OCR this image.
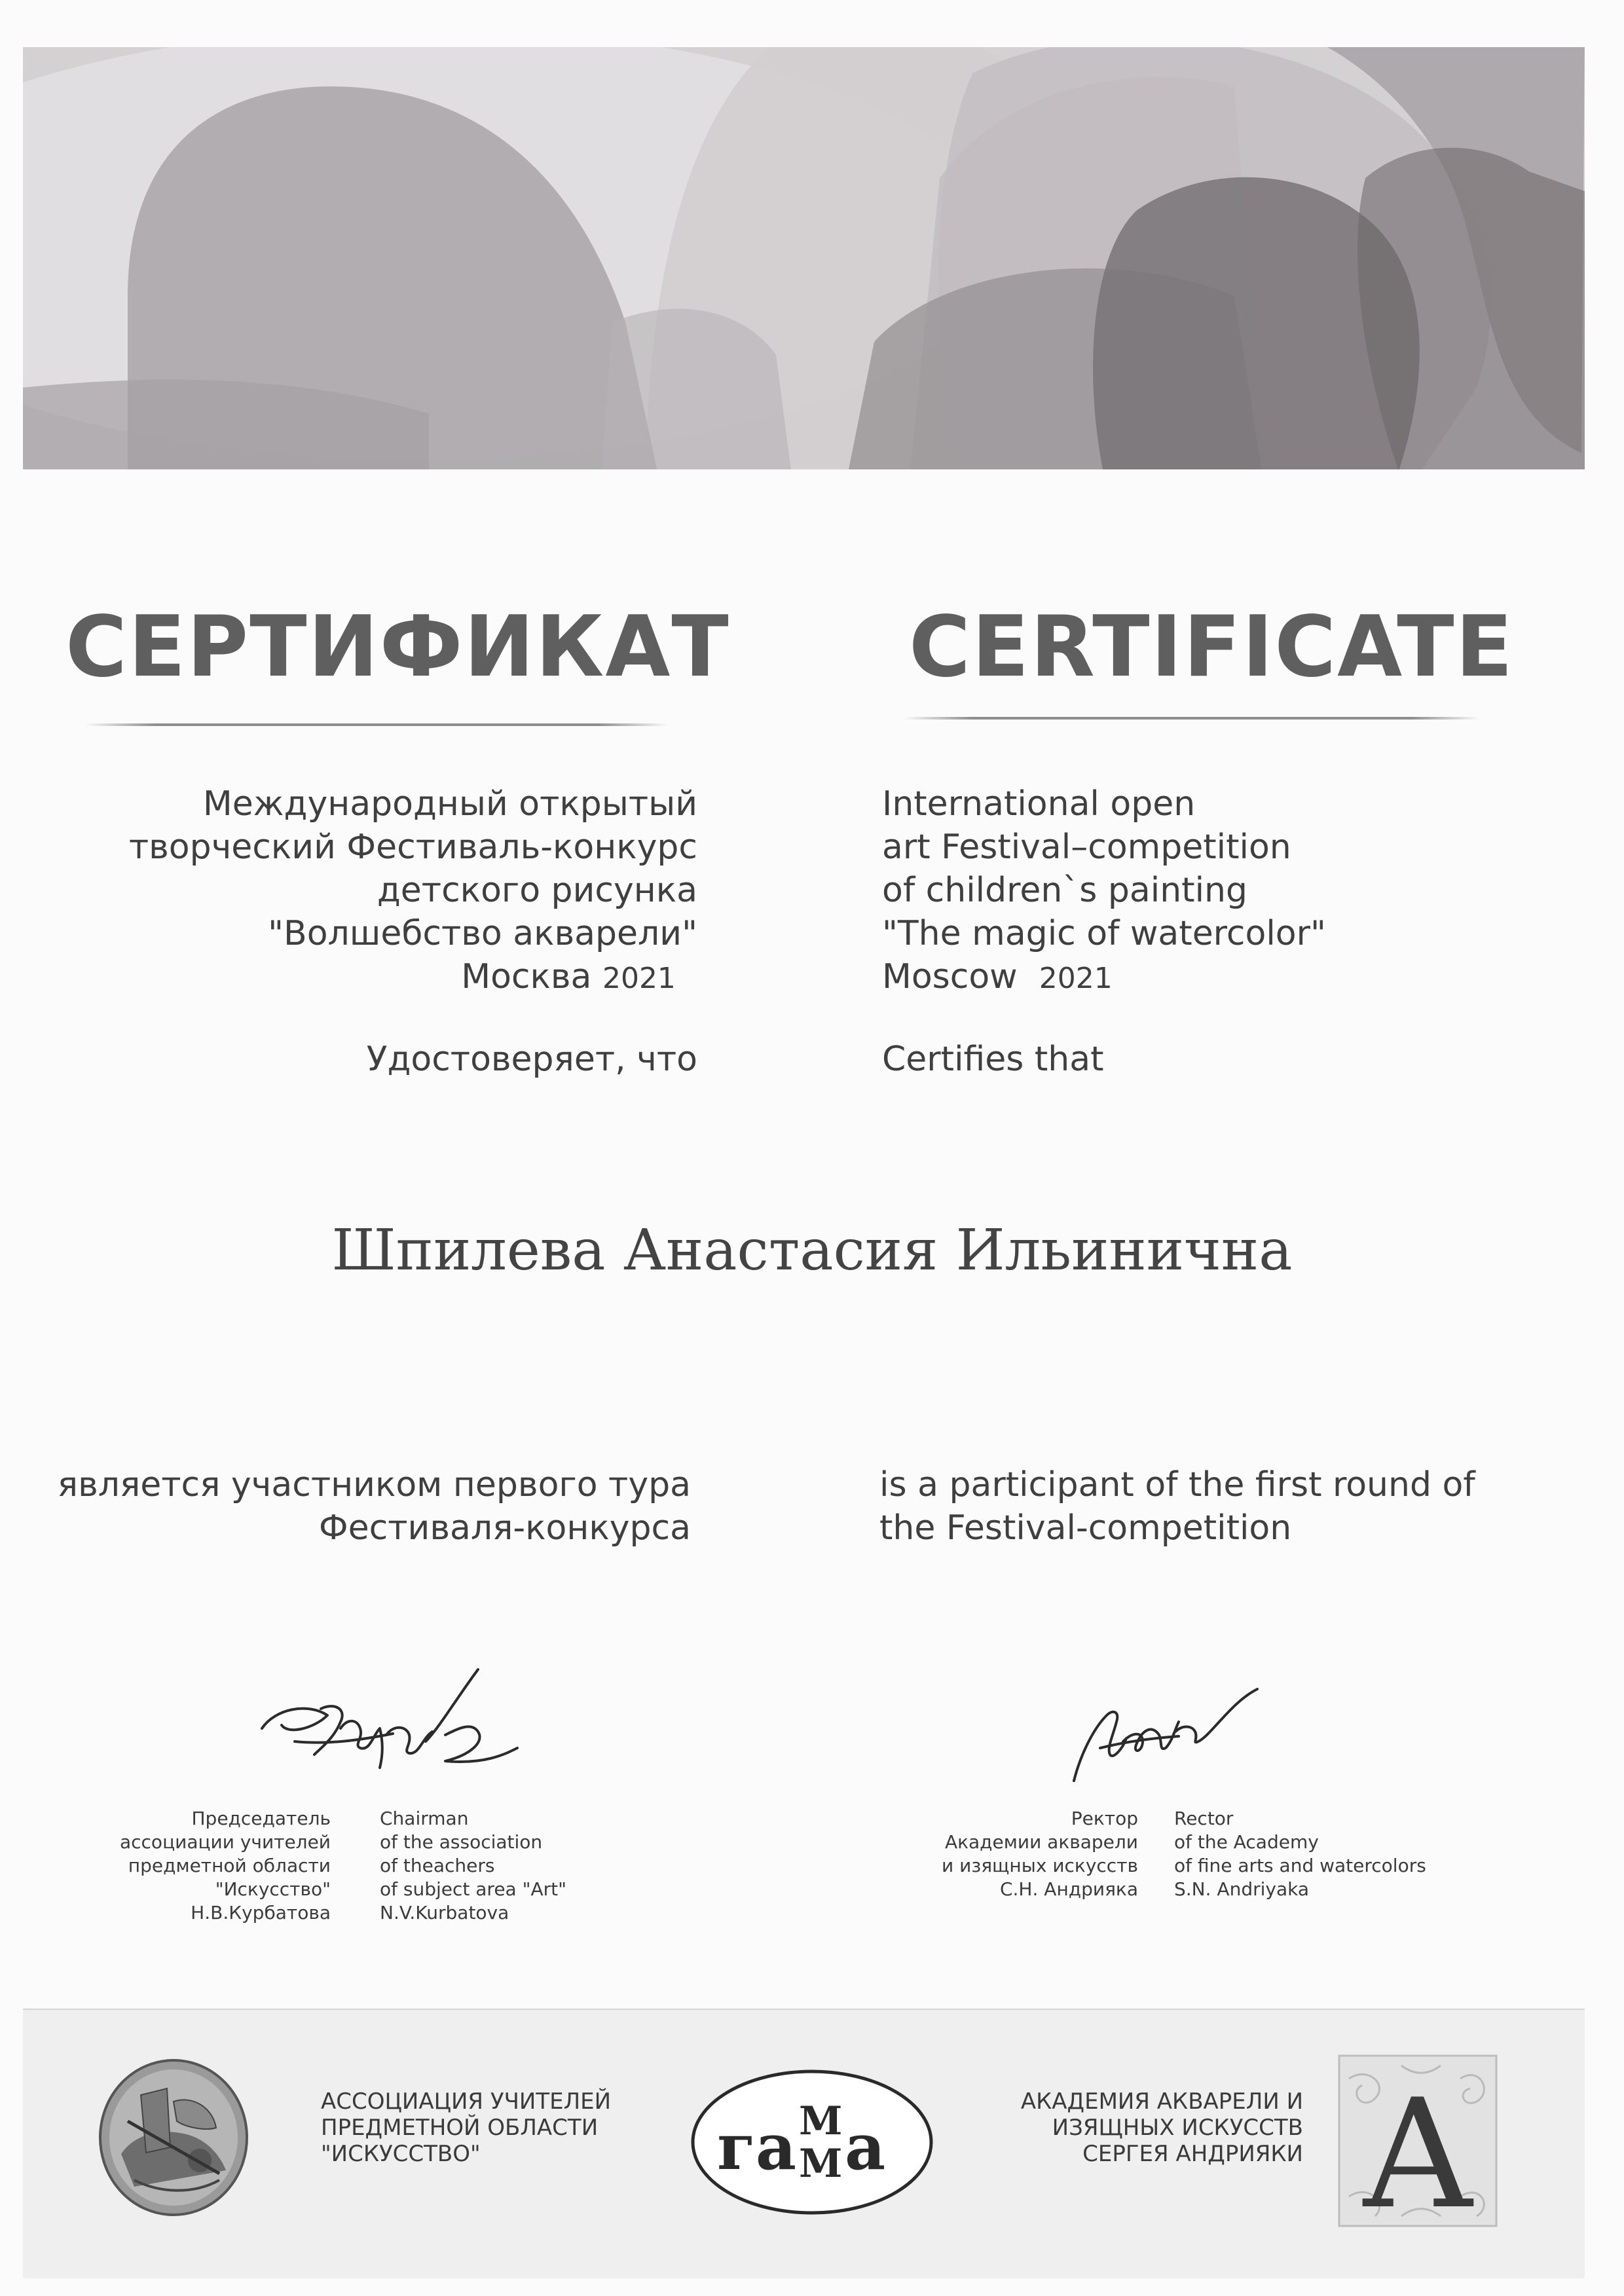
СЕРТИФИКАТ CERTIFICATE
Международный открытый
творческий Фестиваль-конкурс
детского рисунка
"Волшебство акварели"
Москва 2021
International open
art Festival–competition
of children`s painting
"The magic of watercolor"
Moscow 2021
Удостоверяет, что	Certifies that
Шпилева Анастасия Ильинична
является участником первого тура
Фестиваля-конкурса
is a participant of the first round of
the Festival-competition
Председатель
ассоциации учителей
предметной области
"Искусство"
Н.В.Курбатова
Chairman
of the association
of theachers
of subject area "Art"
N.V.Kurbatova
Ректор
Академии акварели
и изящных искусств
С.Н. Андрияка
Rector
of the Academy
of fine arts and watercolors
S.N. Andriyaka
АССОЦИАЦИЯ УЧИТЕЛЕЙ
ПРЕДМЕТНОЙ ОБЛАСТИ
"ИСКУССТВО"	га М
М а
АКАДЕМИЯ АКВАРЕЛИ И
ИЗЯЩНЫХ ИСКУССТВ
СЕРГЕЯ АНДРИЯКИ А
